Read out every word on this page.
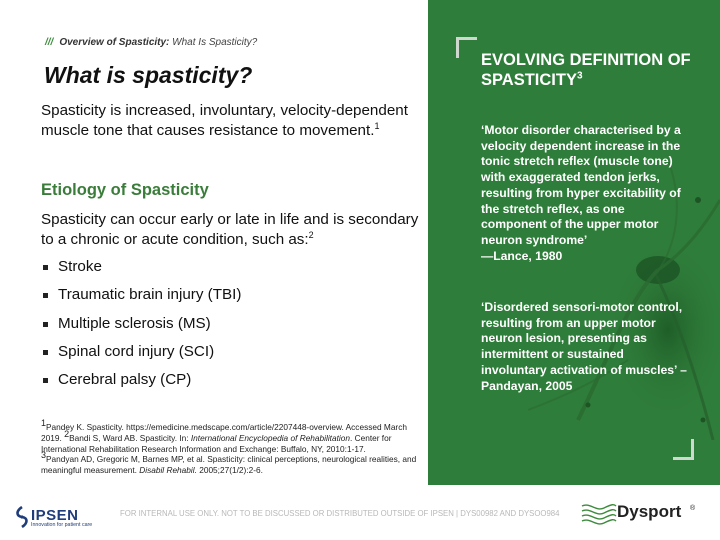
/// Overview of Spasticity: What Is Spasticity?
What is spasticity?

Spasticity is increased, involuntary, velocity-dependent muscle tone that causes resistance to movement.$^1$

Etiology of Spasticity

Spasticity can occur early or late in life and is secondary to a chronic or acute condition, such as:$^2$

Stroke
Traumatic brain injury (TBI)
Multiple sclerosis (MS)
Spinal cord injury (SCI)
Cerebral palsy (CP)

$^1$Pandey K. Spasticity. https://emedicine.medscape.com/article/2207448-overview. Accessed March 2019. $^2$Bandi S, Ward AB. Spasticity. In: International Encyclopedia of Rehabilitation. Center for International Rehabilitation Research Information and Exchange: Buffalo, NY, 2010:1-17.
$^3$Pandyan AD, Gregoric M, Barnes MP, et al. Spasticity: clinical perceptions, neurological realities, and meaningful measurement. Disabil Rehabil. 2005;27(1/2):2-6.

EVOLVING DEFINITION OF SPASTICITY$^3$

‘Motor disorder characterised by a velocity dependent increase in the tonic stretch reflex (muscle tone) with exaggerated tendon jerks, resulting from hyper excitability of the stretch reflex, as one component of the upper motor neuron syndrome’
—Lance, 1980

‘Disordered sensori-motor control, resulting from an upper motor neuron lesion, presenting as intermittent or sustained involuntary activation of muscles’ –Pandayan, 2005

IPSEN
Innovation for patient care
FOR INTERNAL USE ONLY. NOT TO BE DISCUSSED OR DISTRIBUTED OUTSIDE OF IPSEN | DYS00982 AND DYSOO984	Dysport ®
